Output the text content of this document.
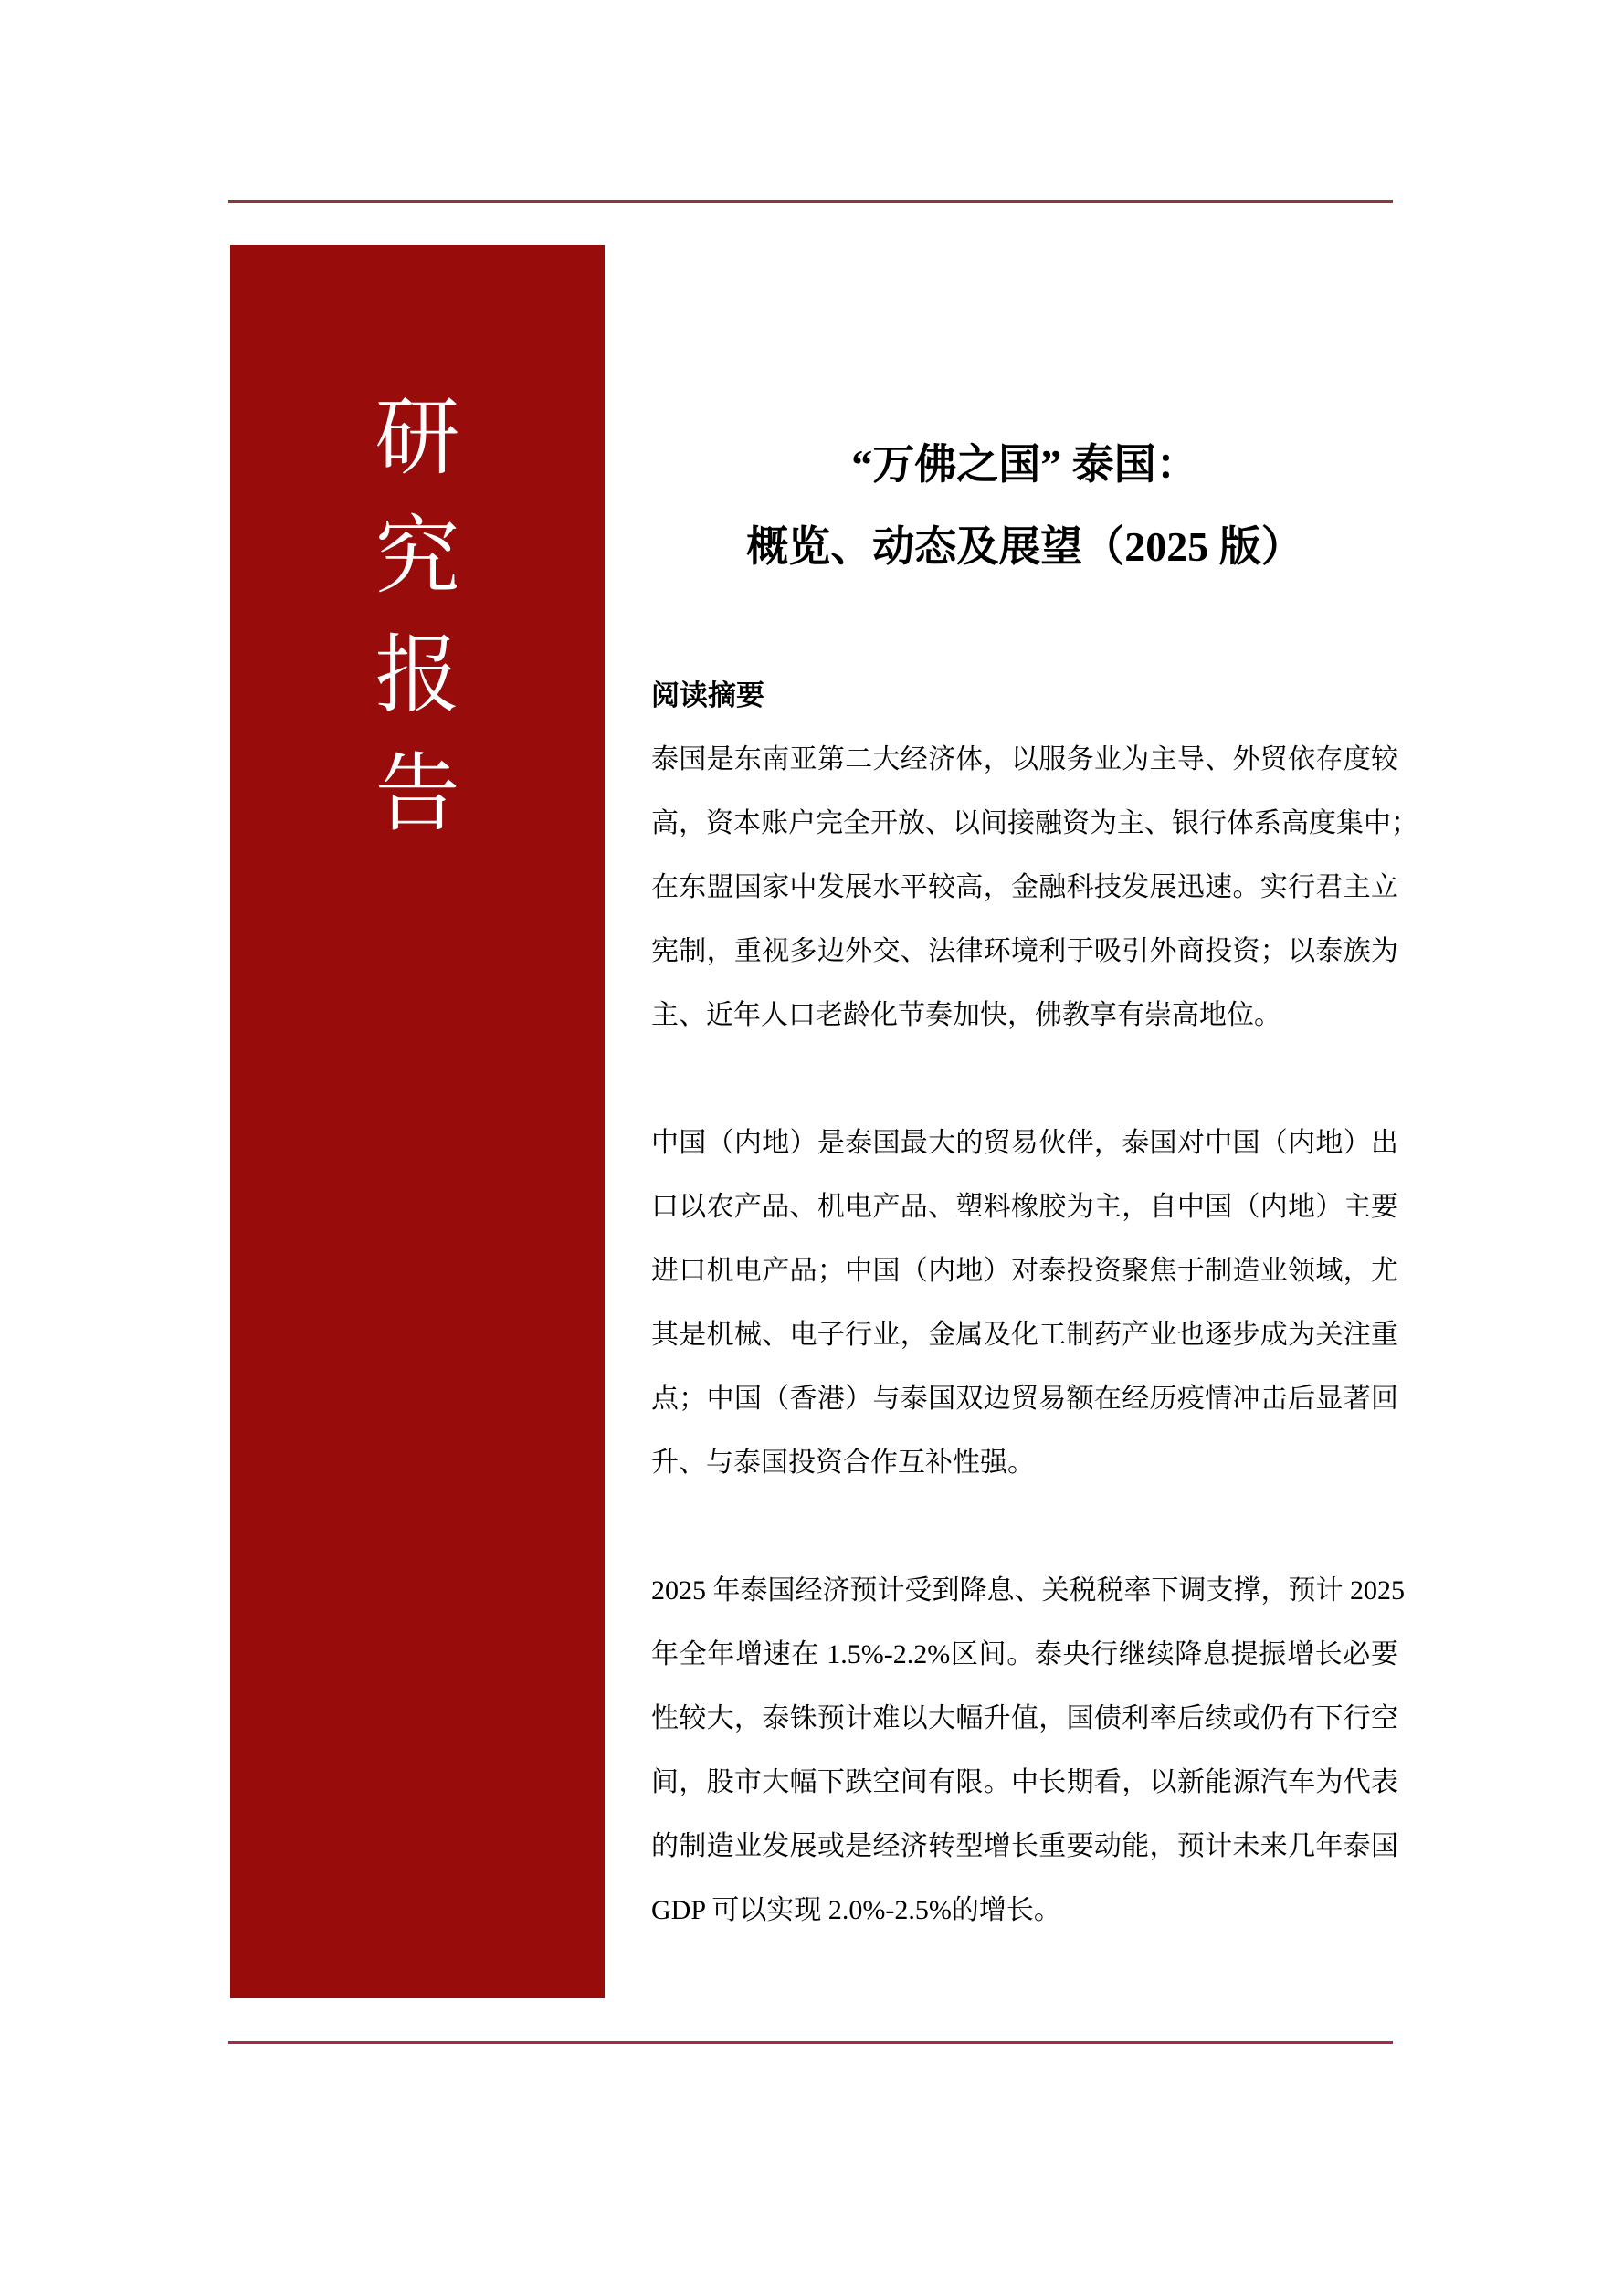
研
究
报
告
“万佛之国” 泰国：
概览、动态及展望（2025 版）
阅读摘要

泰国是东南亚第二大经济体，以服务业为主导、外贸依存度较
高，资本账户完全开放、以间接融资为主、银行体系高度集中；
在东盟国家中发展水平较高，金融科技发展迅速。实行君主立
宪制，重视多边外交、法律环境利于吸引外商投资；以泰族为
主、近年人口老龄化节奏加快，佛教享有崇高地位。

中国（内地）是泰国最大的贸易伙伴，泰国对中国（内地）出
口以农产品、机电产品、塑料橡胶为主，自中国（内地）主要
进口机电产品；中国（内地）对泰投资聚焦于制造业领域，尤
其是机械、电子行业，金属及化工制药产业也逐步成为关注重
点；中国（香港）与泰国双边贸易额在经历疫情冲击后显著回
升、与泰国投资合作互补性强。

2025 年泰国经济预计受到降息、关税税率下调支撑，预计 2025
年全年增速在 1.5%-2.2%区间。泰央行继续降息提振增长必要
性较大，泰铢预计难以大幅升值，国债利率后续或仍有下行空
间，股市大幅下跌空间有限。中长期看，以新能源汽车为代表
的制造业发展或是经济转型增长重要动能，预计未来几年泰国
GDP 可以实现 2.0%-2.5%的增长。
